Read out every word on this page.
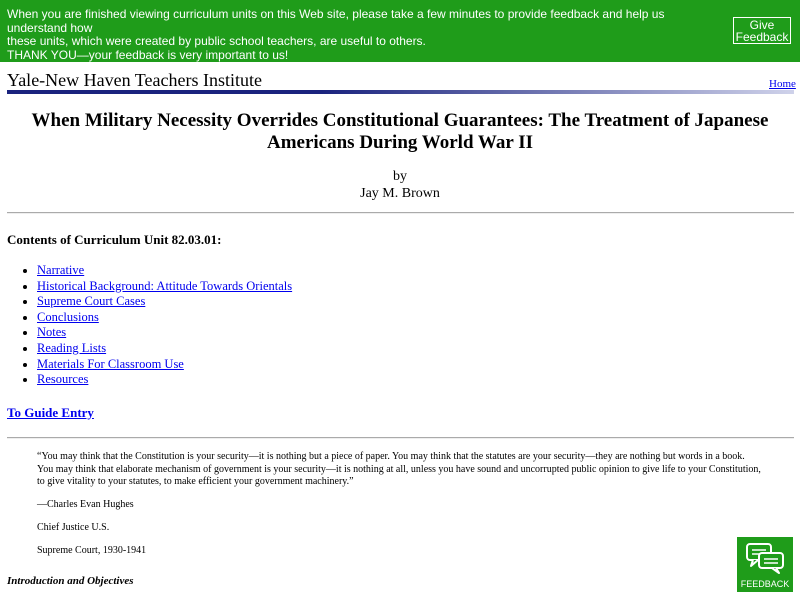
When you are finished viewing curriculum units on this Web site, please take a few minutes to provide feedback and help us understand how
these units, which were created by public school teachers, are useful to others.
THANK YOU—your feedback is very important to us!
Give
Feedback
Yale-New Haven Teachers Institute	Home
When Military Necessity Overrides Constitutional Guarantees: The Treatment of Japanese
Americans During World War II
by
Jay M. Brown
Contents of Curriculum Unit 82.03.01:
Narrative
Historical Background: Attitude Towards Orientals
Supreme Court Cases
Conclusions
Notes
Reading Lists
Materials For Classroom Use
Resources
To Guide Entry
“You may think that the Constitution is your security—it is nothing but a piece of paper. You may think that the statutes are your security—they are nothing but words in a book. You may think that elaborate mechanism of government is your security—it is nothing at all, unless you have sound and uncorrupted public opinion to give life to your Constitution, to give vitality to your statutes, to make efficient your government machinery.”
—Charles Evan Hughes
Chief Justice U.S.
Supreme Court, 1930-1941
Introduction and Objectives	FEEDBACK
